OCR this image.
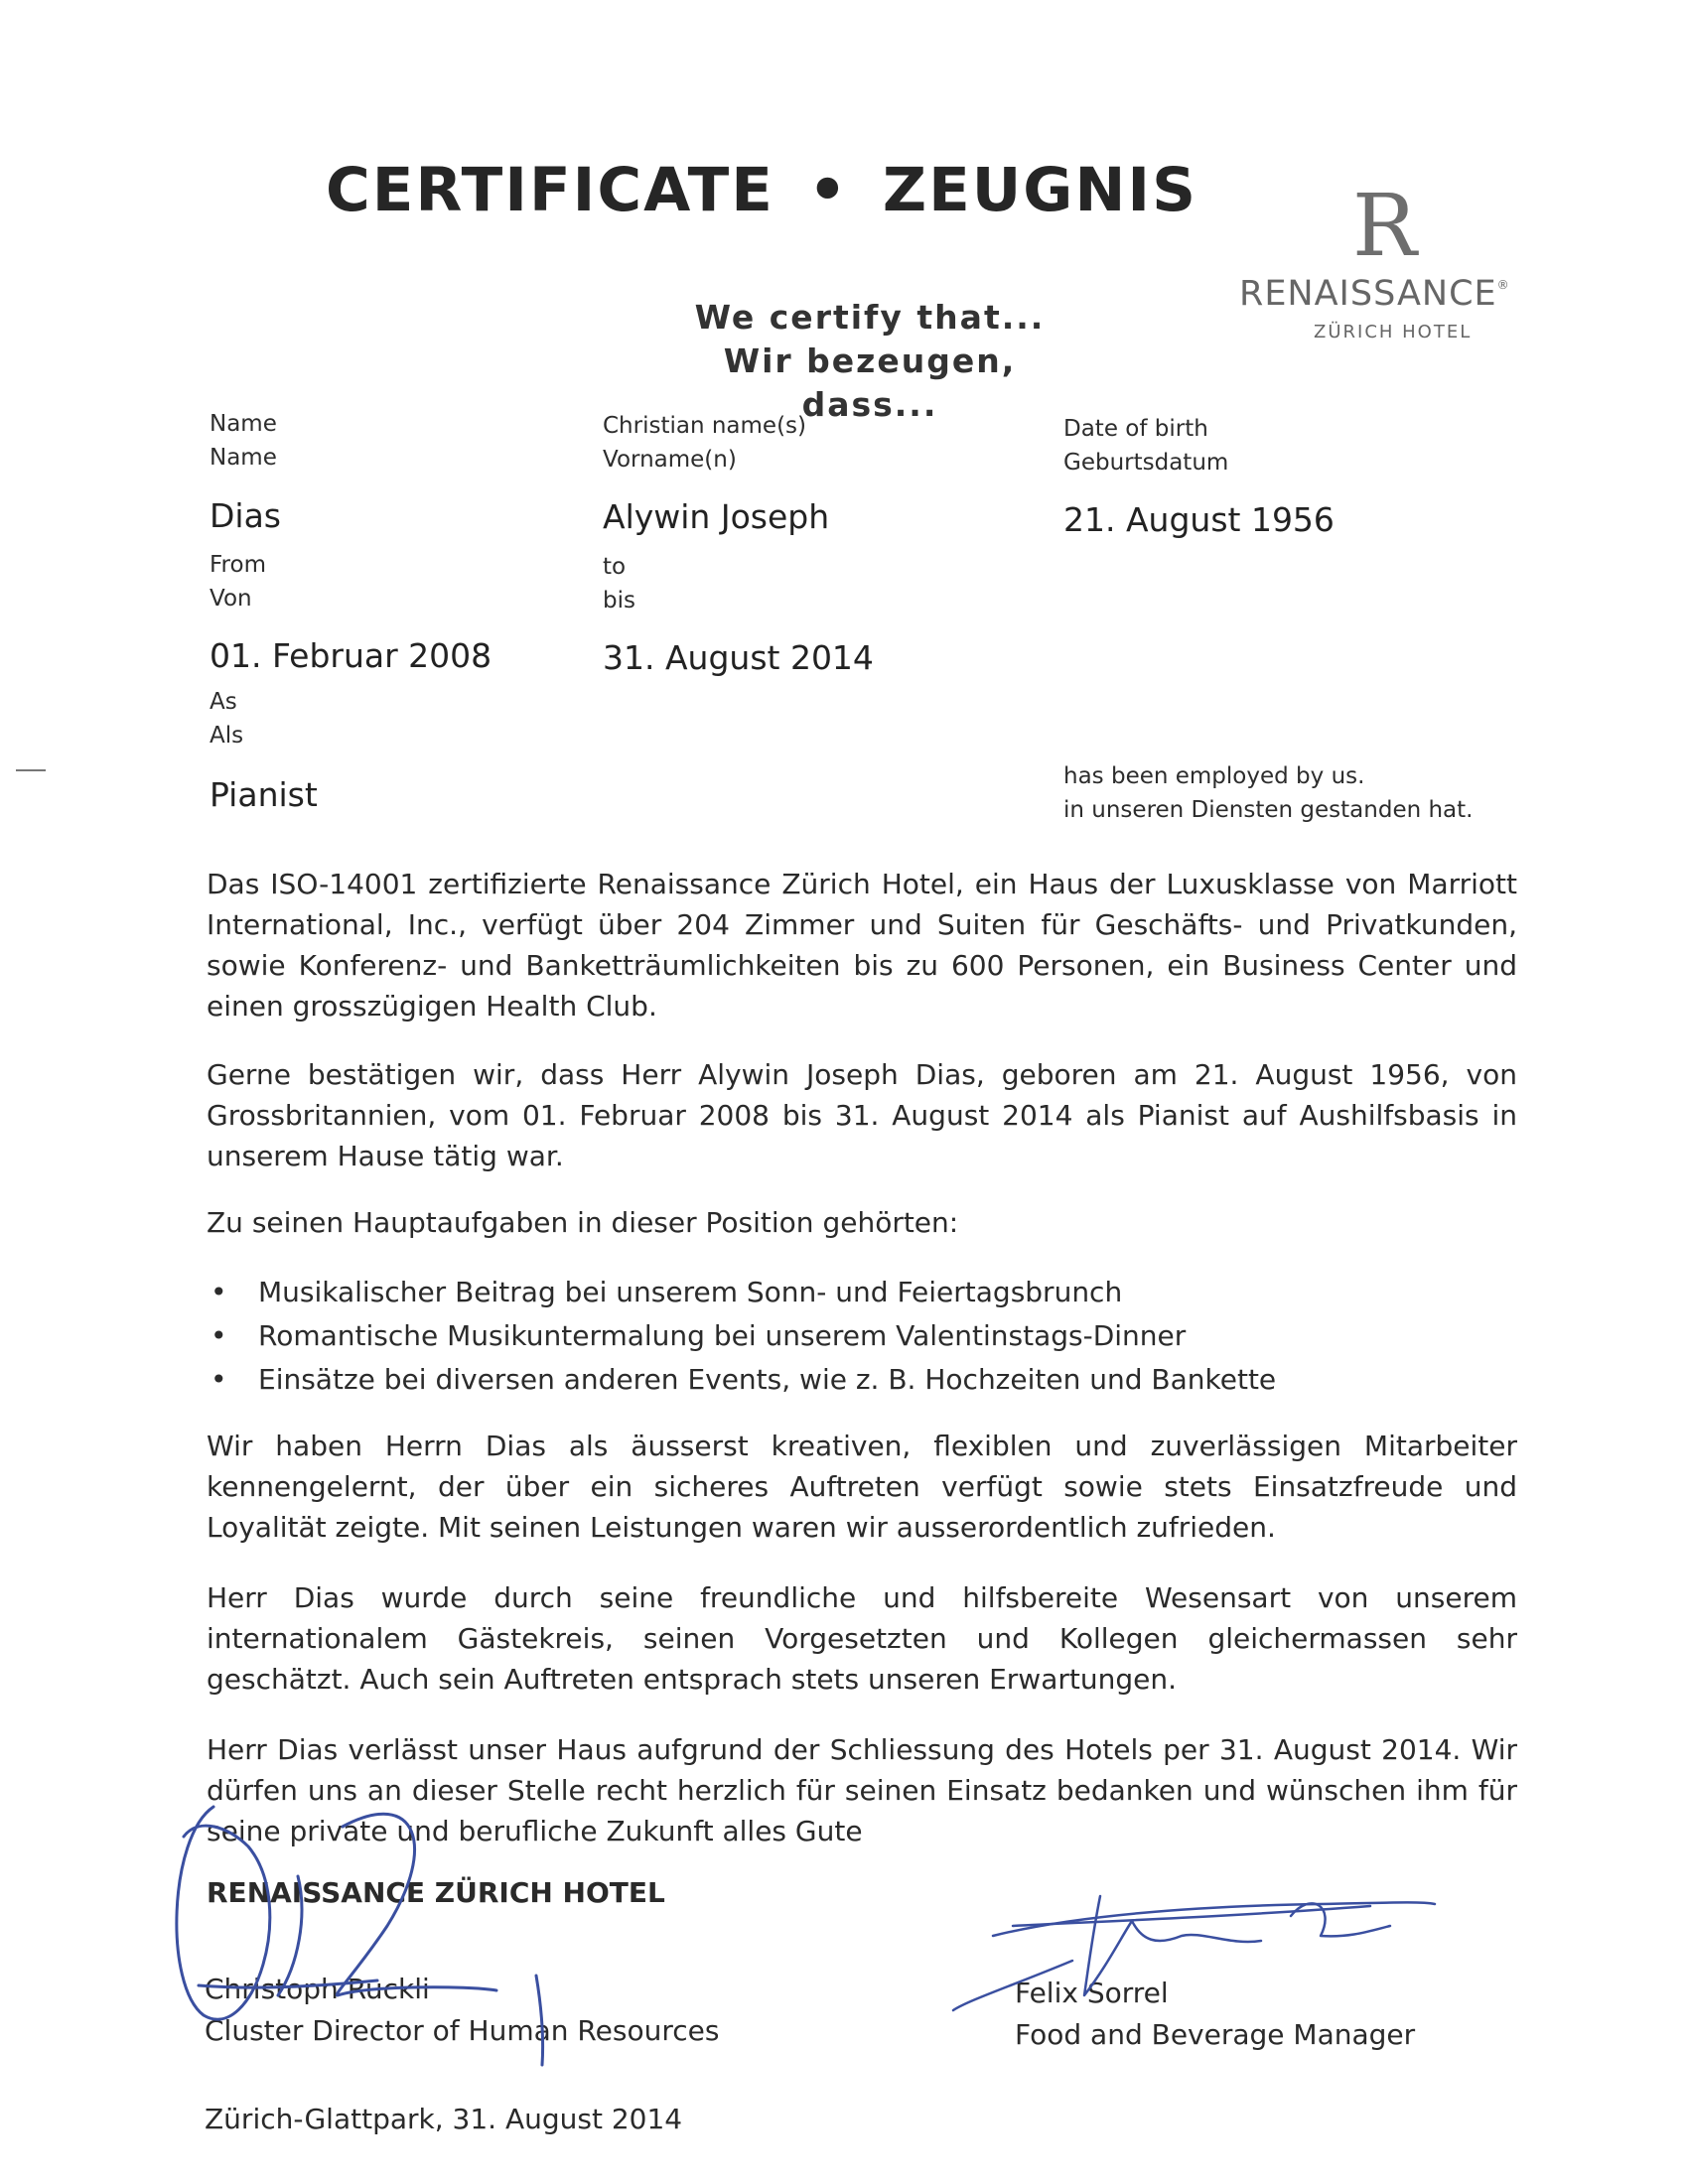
CERTIFICATE • ZEUGNIS R
RENAISSANCE®
ZÜRICH HOTEL
We certify that...
Wir bezeugen, dass...
Name
Name
Dias
Christian name(s)
Vorname(n)
Alywin Joseph
Date of birth
Geburtsdatum
21. August 1956
From
Von
01. Februar 2008
to
bis
31. August 2014
As
Als
Pianist	has been employed by us.
in unseren Diensten gestanden hat.
Das ISO-14001 zertifizierte Renaissance Zürich Hotel, ein Haus der Luxusklasse von Marriott International, Inc., verfügt über 204 Zimmer und Suiten für Geschäfts- und Privatkunden, sowie Konferenz- und Banketträumlichkeiten bis zu 600 Personen, ein Business Center und einen grosszügigen Health Club.
Gerne bestätigen wir, dass Herr Alywin Joseph Dias, geboren am 21. August 1956, von Grossbritannien, vom 01. Februar 2008 bis 31. August 2014 als Pianist auf Aushilfsbasis in unserem Hause tätig war.
Zu seinen Hauptaufgaben in dieser Position gehörten:
• Musikalischer Beitrag bei unserem Sonn- und Feiertagsbrunch
• Romantische Musikuntermalung bei unserem Valentinstags-Dinner
• Einsätze bei diversen anderen Events, wie z. B. Hochzeiten und Bankette
Wir haben Herrn Dias als äusserst kreativen, flexiblen und zuverlässigen Mitarbeiter kennengelernt, der über ein sicheres Auftreten verfügt sowie stets Einsatzfreude und Loyalität zeigte. Mit seinen Leistungen waren wir ausserordentlich zufrieden.
Herr Dias wurde durch seine freundliche und hilfsbereite Wesensart von unserem internationalem Gästekreis, seinen Vorgesetzten und Kollegen gleichermassen sehr geschätzt. Auch sein Auftreten entsprach stets unseren Erwartungen.
Herr Dias verlässt unser Haus aufgrund der Schliessung des Hotels per 31. August 2014. Wir dürfen uns an dieser Stelle recht herzlich für seinen Einsatz bedanken und wünschen ihm für seine private und berufliche Zukunft alles Gute
RENAISSANCE ZÜRICH HOTEL
Christoph Ruckli
Cluster Director of Human Resources
Felix Sorrel
Food and Beverage Manager
Zürich-Glattpark, 31. August 2014
